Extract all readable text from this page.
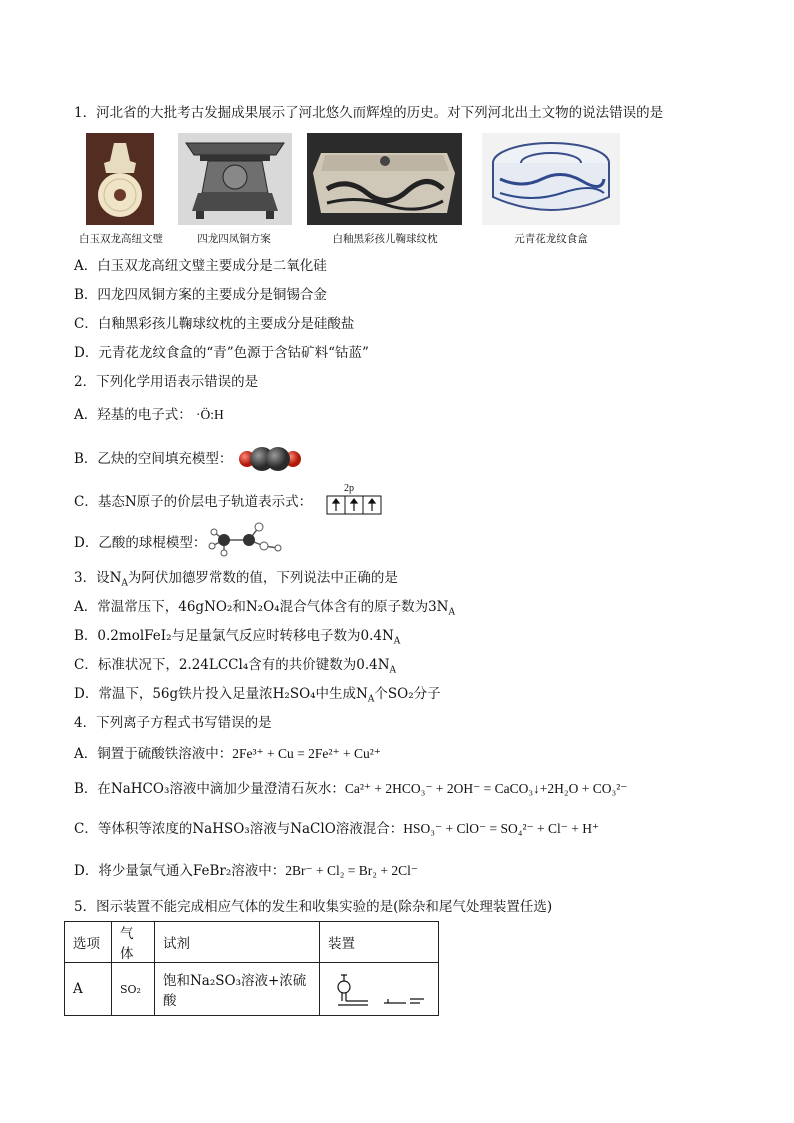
1．河北省的大批考古发掘成果展示了河北悠久而辉煌的历史。对下列河北出土文物的说法错误的是
白玉双龙高纽文璧	四龙四凤铜方案	白釉黑彩孩儿鞠球纹枕	元青花龙纹食盒
A．白玉双龙高纽文璧主要成分是二氧化硅
B．四龙四凤铜方案的主要成分是铜锡合金
C．白釉黑彩孩儿鞠球纹枕的主要成分是硅酸盐
D．元青花龙纹食盒的“青”色源于含钴矿料“钴蓝”
2．下列化学用语表示错误的是
A．羟基的电子式： ·Ö:H
B．乙炔的空间填充模型：
C．基态N原子的价层电子轨道表示式：
2p
D．乙酸的球棍模型：
3．设$N_A$为阿伏加德罗常数的值，下列说法中正确的是
A．常温常压下，46gNO₂和N₂O₄混合气体含有的原子数为$3N_A$
B．0.2molFeI₂与足量氯气反应时转移电子数为$0.4N_A$
C．标准状况下，2.24LCCl₄含有的共价键数为$0.4N_A$
D．常温下，56g铁片投入足量浓H₂SO₄中生成$N_A$个SO₂分子
4．下列离子方程式书写错误的是
A．铜置于硫酸铁溶液中：2Fe³⁺ + Cu = 2Fe²⁺ + Cu²⁺
B．在NaHCO₃溶液中滴加少量澄清石灰水：Ca²⁺ + 2HCO₃⁻ + 2OH⁻ = CaCO₃↓+2H₂O + CO₃²⁻
C．等体积等浓度的NaHSO₃溶液与NaClO溶液混合：HSO₃⁻ + ClO⁻ = SO₄²⁻ + Cl⁻ + H⁺
D．将少量氯气通入FeBr₂溶液中：2Br⁻ + Cl₂ = Br₂ + 2Cl⁻
5．图示装置不能完成相应气体的发生和收集实验的是(除杂和尾气处理装置任选)
选项	气体	试剂	装置
A	SO₂	饱和Na₂SO₃溶液+浓硫酸	
